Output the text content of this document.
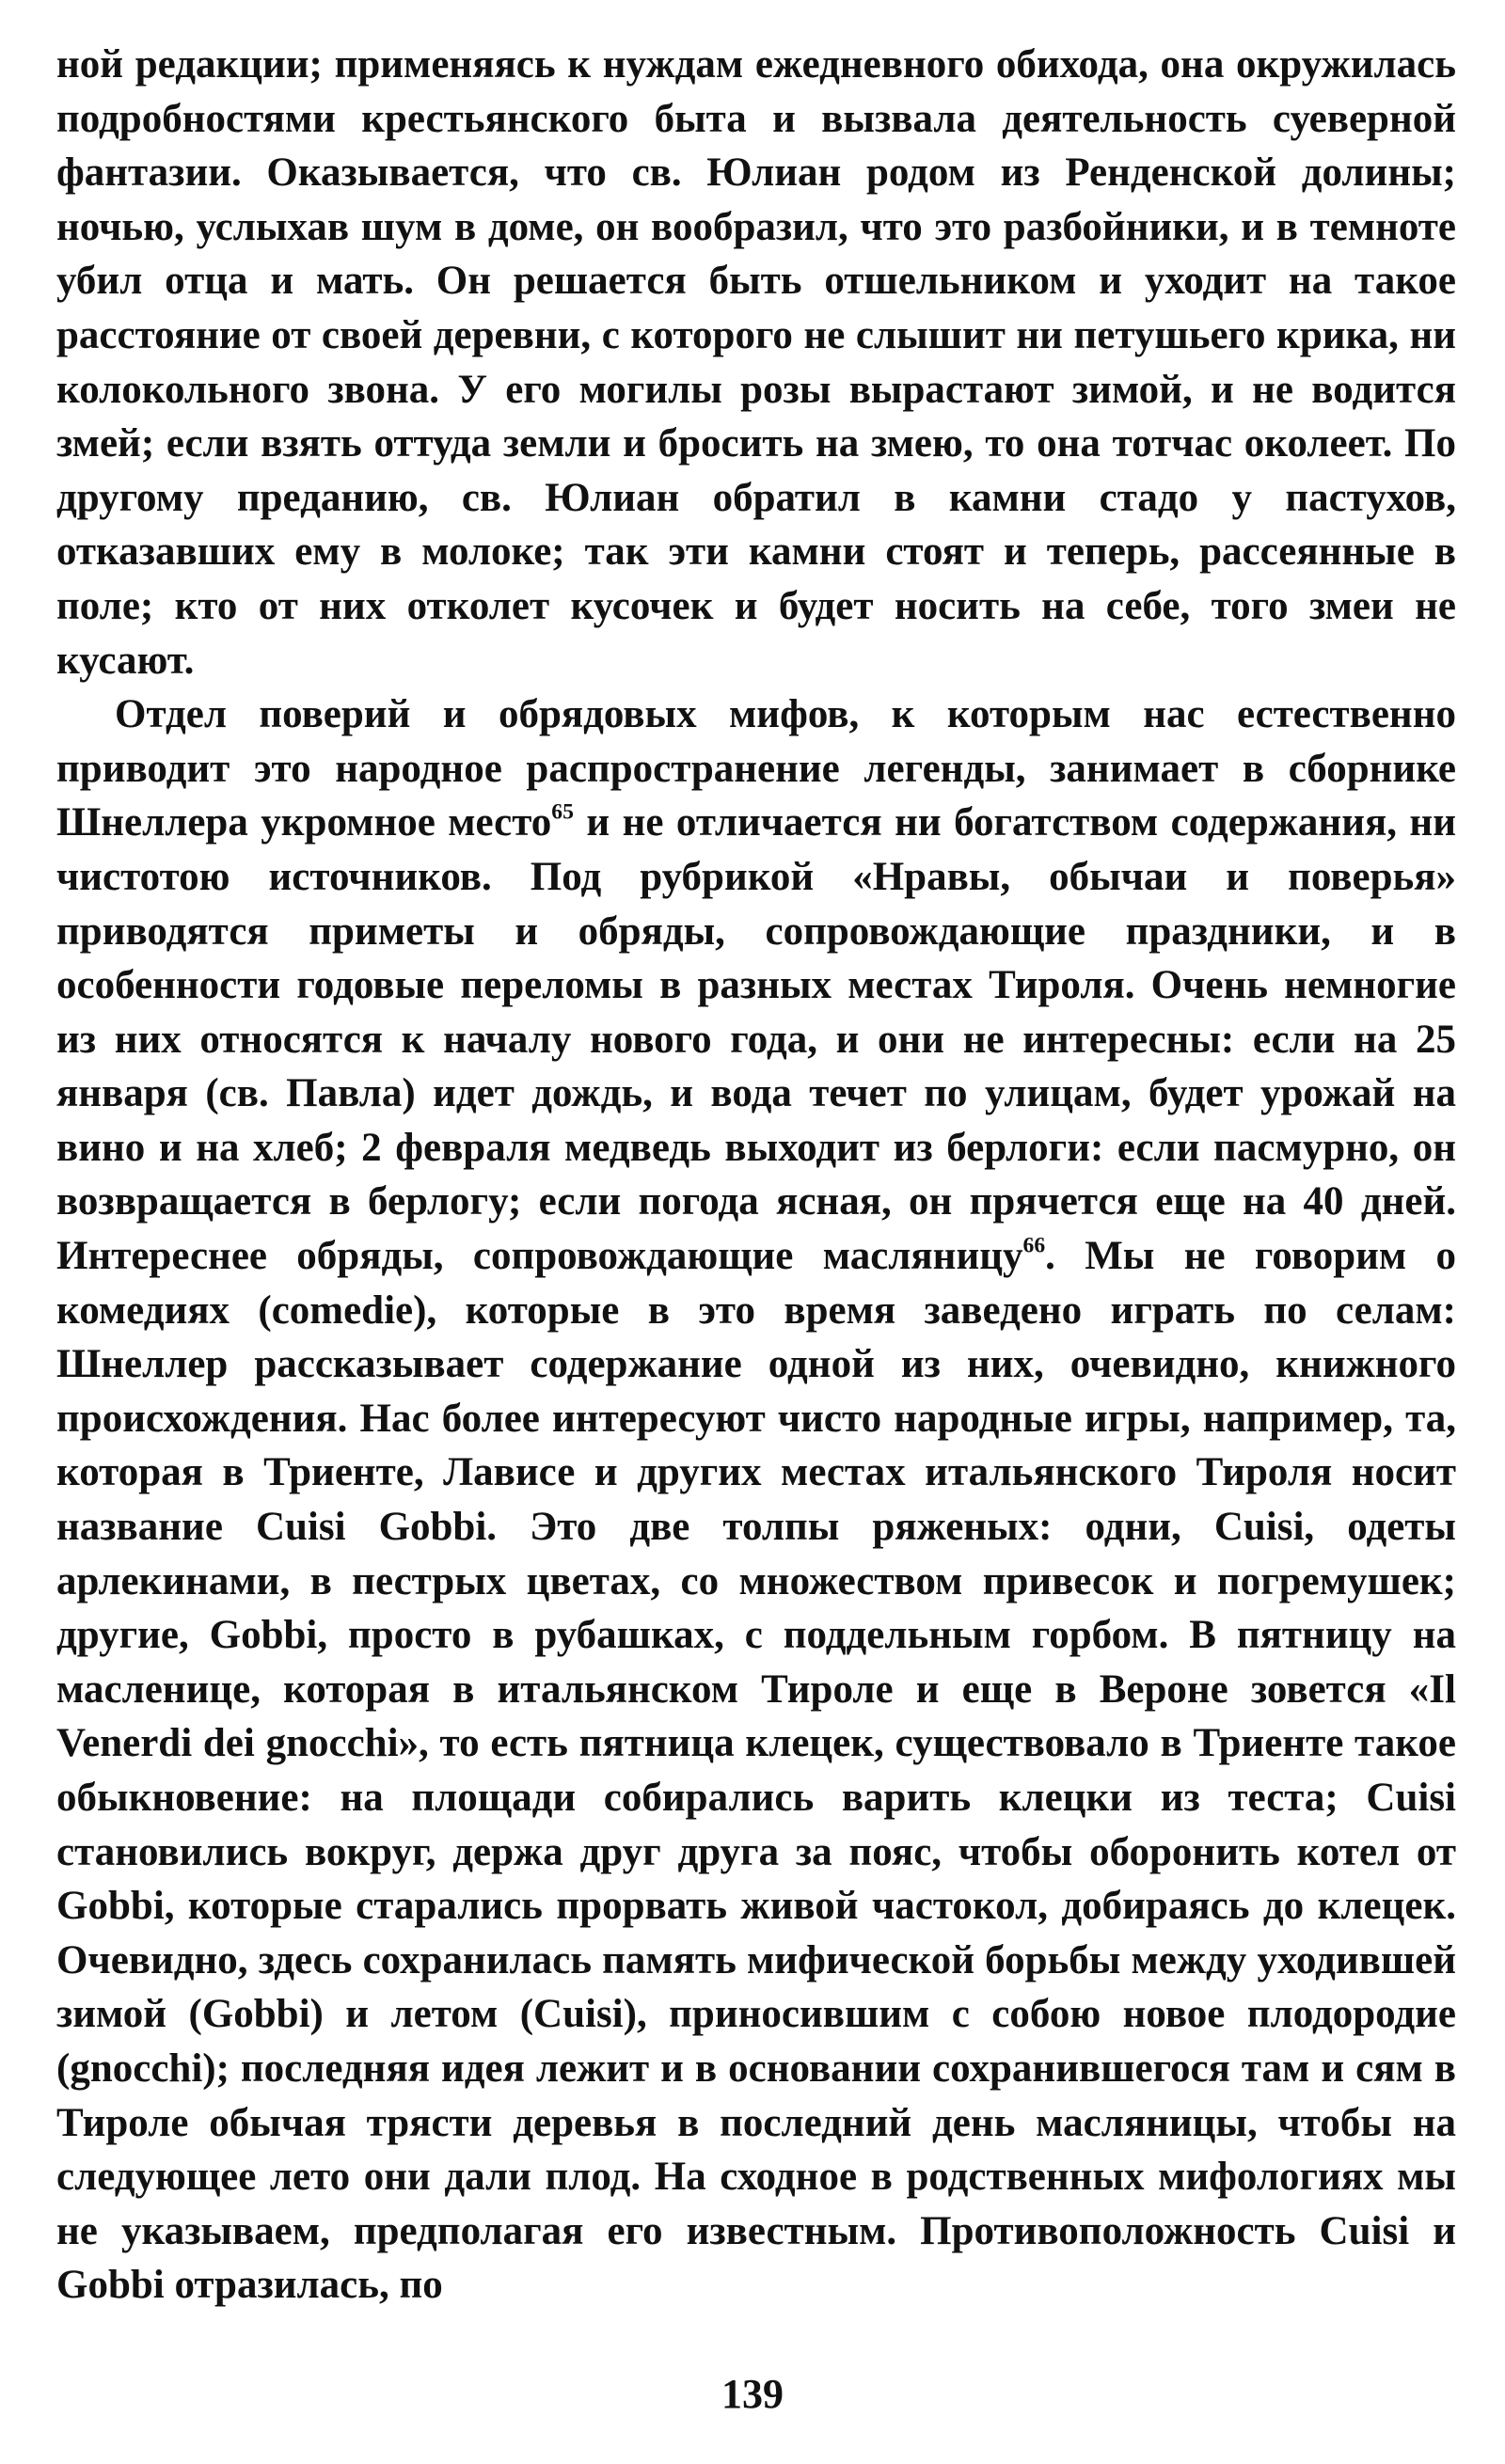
ной редакции; применяясь к нуждам ежедневного обихода, она окружилась подробностями крестьянского быта и вызвала деятельность суеверной фантазии. Оказывается, что св. Юлиан родом из Ренденской долины; ночью, услыхав шум в доме, он вообразил, что это разбойники, и в темноте убил отца и мать. Он решается быть отшельником и уходит на такое расстояние от своей деревни, с которого не слышит ни петушьего крика, ни колокольного звона. У его могилы розы вырастают зимой, и не водится змей; если взять оттуда земли и бросить на змею, то она тотчас околеет. По другому преданию, св. Юлиан обратил в камни стадо у пастухов, отказавших ему в молоке; так эти камни стоят и теперь, рассеянные в поле; кто от них отколет кусочек и будет носить на себе, того змеи не кусают.

Отдел поверий и обрядовых мифов, к которым нас естественно приводит это народное распространение легенды, занимает в сборнике Шнеллера укромное место$^{65}$ и не отличается ни богатством содержания, ни чистотою источников. Под рубрикой «Нравы, обычаи и поверья» приводятся приметы и обряды, сопровождающие праздники, и в особенности годовые переломы в разных местах Тироля. Очень немногие из них относятся к началу нового года, и они не интересны: если на 25 января (св. Павла) идет дождь, и вода течет по улицам, будет урожай на вино и на хлеб; 2 февраля медведь выходит из берлоги: если пасмурно, он возвращается в берлогу; если погода ясная, он прячется еще на 40 дней. Интереснее обряды, сопровождающие масляницу$^{66}$. Мы не говорим о комедиях (comedie), которые в это время заведено играть по селам: Шнеллер рассказывает содержание одной из них, очевидно, книжного происхождения. Нас более интересуют чисто народные игры, например, та, которая в Триенте, Лависе и других местах итальянского Тироля носит название Cuisi Gobbi. Это две толпы ряженых: одни, Cuisi, одеты арлекинами, в пестрых цветах, со множеством привесок и погремушек; другие, Gobbi, просто в рубашках, с поддельным горбом. В пятницу на масленице, которая в итальянском Тироле и еще в Вероне зовется «Il Venerdi dei gnocchi», то есть пятница клецек, существовало в Триенте такое обыкновение: на площади собирались варить клецки из теста; Cuisi становились вокруг, держа друг друга за пояс, чтобы оборонить котел от Gobbi, которые старались прорвать живой частокол, добираясь до клецек. Очевидно, здесь сохранилась память мифической борьбы между уходившей зимой (Gobbi) и летом (Cuisi), приносившим с собою новое плодородие (gnocchi); последняя идея лежит и в основании сохранившегося там и сям в Тироле обычая трясти деревья в последний день масляницы, чтобы на следующее лето они дали плод. На сходное в родственных мифологиях мы не указываем, предполагая его известным. Противоположность Cuisi и Gobbi отразилась, по

139
